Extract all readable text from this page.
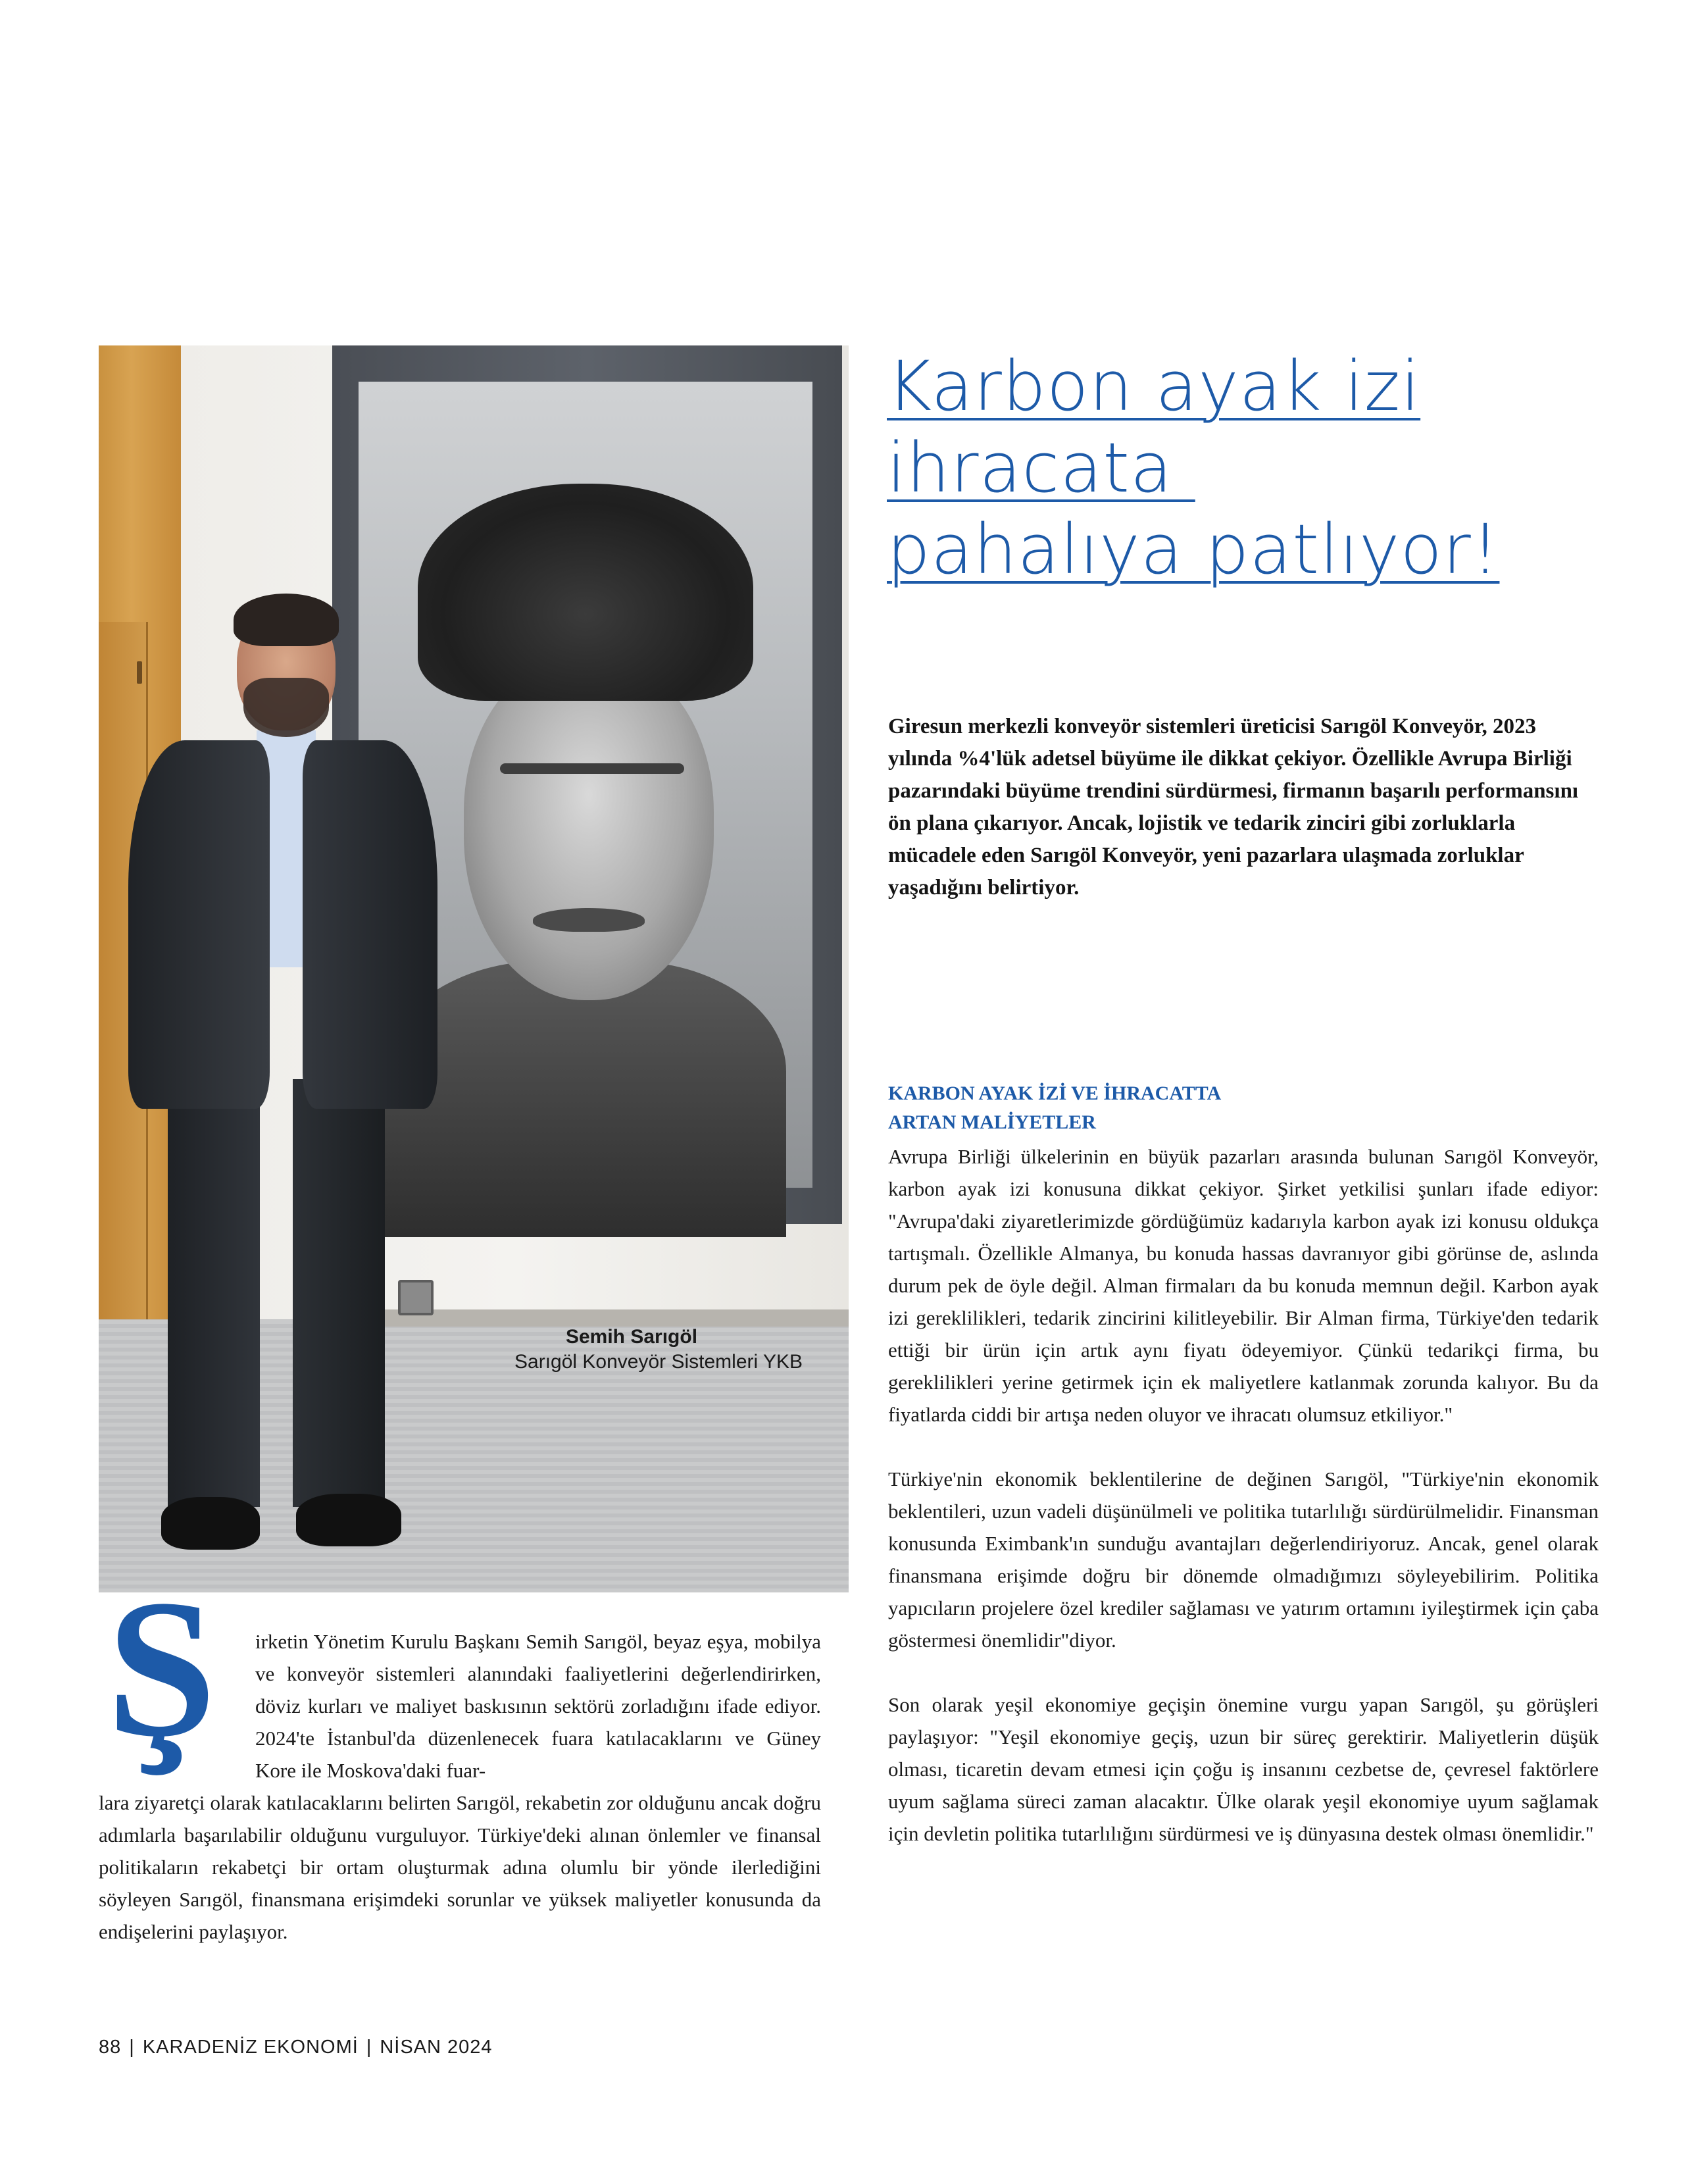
Semih Sarıgöl
Sarıgöl Konveyör Sistemleri YKB
Karbon ayak izi
ihracata
pahalıya patlıyor!

Giresun merkezli konveyör sistemleri üreticisi Sarıgöl Konveyör, 2023 yılında %4'lük adetsel büyüme ile dikkat çekiyor. Özellikle Avrupa Birliği pazarındaki büyüme trendini sürdürmesi, firmanın başarılı performansını ön plana çıkarıyor. Ancak, lojistik ve tedarik zinciri gibi zorluklarla mücadele eden Sarıgöl Konveyör, yeni pazarlara ulaşmada zorluklar yaşadığını belirtiyor.

KARBON AYAK İZİ VE İHRACATTA
ARTAN MALİYETLER

Avrupa Birliği ülkelerinin en büyük pazarları arasında bulunan Sarıgöl Konveyör, karbon ayak izi konusuna dikkat çekiyor. Şirket yetkilisi şunları ifade ediyor: "Avrupa'daki ziyaretlerimizde gördüğümüz kadarıyla karbon ayak izi konusu oldukça tartışmalı. Özellikle Almanya, bu konuda hassas davranıyor gibi görünse de, aslında durum pek de öyle değil. Alman firmaları da bu konuda memnun değil. Karbon ayak izi gereklilikleri, tedarik zincirini kilitleyebilir. Bir Alman firma, Türkiye'den tedarik ettiği bir ürün için artık aynı fiyatı ödeyemiyor. Çünkü tedarikçi firma, bu gereklilikleri yerine getirmek için ek maliyetlere katlanmak zorunda kalıyor. Bu da fiyatlarda ciddi bir artışa neden oluyor ve ihracatı olumsuz etkiliyor."

Türkiye'nin ekonomik beklentilerine de değinen Sarıgöl, "Türkiye'nin ekonomik beklentileri, uzun vadeli düşünülmeli ve politika tutarlılığı sürdürülmelidir. Finansman konusunda Eximbank'ın sunduğu avantajları değerlendiriyoruz. Ancak, genel olarak finansmana erişimde doğru bir dönemde olmadığımızı söyleyebilirim. Politika yapıcıların projelere özel krediler sağlaması ve yatırım ortamını iyileştirmek için çaba göstermesi önemlidir"diyor.

Son olarak yeşil ekonomiye geçişin önemine vurgu yapan Sarıgöl, şu görüşleri paylaşıyor: "Yeşil ekonomiye geçiş, uzun bir süreç gerektirir. Maliyetlerin düşük olması, ticaretin devam etmesi için çoğu iş insanını cezbetse de, çevresel faktörlere uyum sağlama süreci zaman alacaktır. Ülke olarak yeşil ekonomiye uyum sağlamak için devletin politika tutarlılığını sürdürmesi ve iş dünyasına destek olması önemlidir."

Ş	irketin Yönetim Kurulu Başkanı Semih Sarıgöl, beyaz eşya, mobilya ve konveyör sistemleri alanındaki faaliyetlerini değerlendirirken, döviz kurları ve maliyet baskısının sektörü zorladığını ifade ediyor. 2024'te İstanbul'da düzenlenecek fuara katılacaklarını ve Güney Kore ile Moskova'daki fuar-

lara ziyaretçi olarak katılacaklarını belirten Sarıgöl, rekabetin zor olduğunu ancak doğru adımlarla başarılabilir olduğunu vurguluyor. Türkiye'deki alınan önlemler ve finansal politikaların rekabetçi bir ortam oluşturmak adına olumlu bir yönde ilerlediğini söyleyen Sarıgöl, finansmana erişimdeki sorunlar ve yüksek maliyetler konusunda da endişelerini paylaşıyor.

88 | KARADENİZ EKONOMİ | NİSAN 2024
